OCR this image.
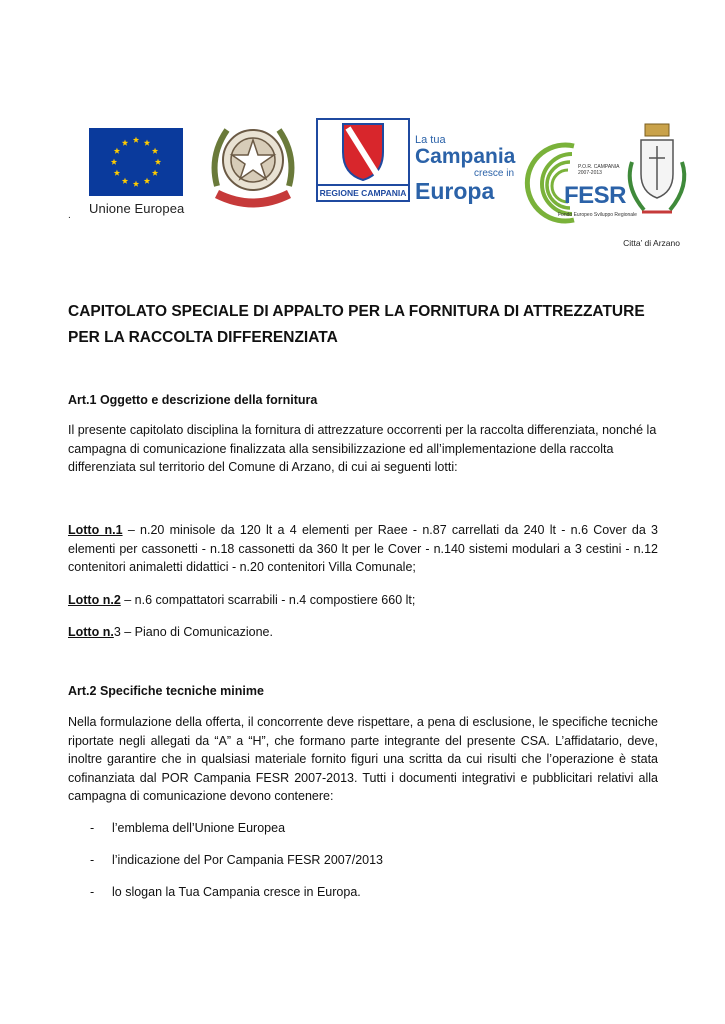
Unione Europea
REGIONE CAMPANIA
La tua
Campania
cresce in
Europa
P.O.R. CAMPANIA
2007-2013
FESR
Fondo Europeo Sviluppo Regionale
.
Citta’ di Arzano
CAPITOLATO SPECIALE DI APPALTO PER LA FORNITURA DI ATTREZZATURE PER LA RACCOLTA DIFFERENZIATA
Art.1 Oggetto e descrizione della fornitura
Il presente capitolato disciplina la fornitura di attrezzature occorrenti per la raccolta differenziata, nonché la campagna di comunicazione finalizzata alla sensibilizzazione ed all’implementazione della raccolta differenziata sul territorio del Comune di Arzano, di cui ai seguenti lotti:
Lotto n.1 – n.20 minisole da 120 lt a 4 elementi per Raee - n.87 carrellati da 240 lt - n.6 Cover da 3 elementi per cassonetti - n.18 cassonetti da 360 lt per le Cover - n.140 sistemi modulari a 3 cestini - n.12 contenitori animaletti didattici - n.20 contenitori Villa Comunale;
Lotto n.2 – n.6 compattatori scarrabili - n.4 compostiere 660 lt;
Lotto n.3 – Piano di Comunicazione.
Art.2 Specifiche tecniche minime
Nella formulazione della offerta, il concorrente deve rispettare, a pena di esclusione, le specifiche tecniche riportate negli allegati da “A” a “H”, che formano parte integrante del presente CSA. L’affidatario, deve, inoltre garantire che in qualsiasi materiale fornito figuri una scritta da cui risulti che l’operazione è stata cofinanziata dal POR Campania FESR 2007-2013. Tutti i documenti integrativi e pubblicitari relativi alla campagna di comunicazione devono contenere:
- l’emblema dell’Unione Europea
- l’indicazione del Por Campania FESR 2007/2013
- lo slogan la Tua Campania cresce in Europa.
